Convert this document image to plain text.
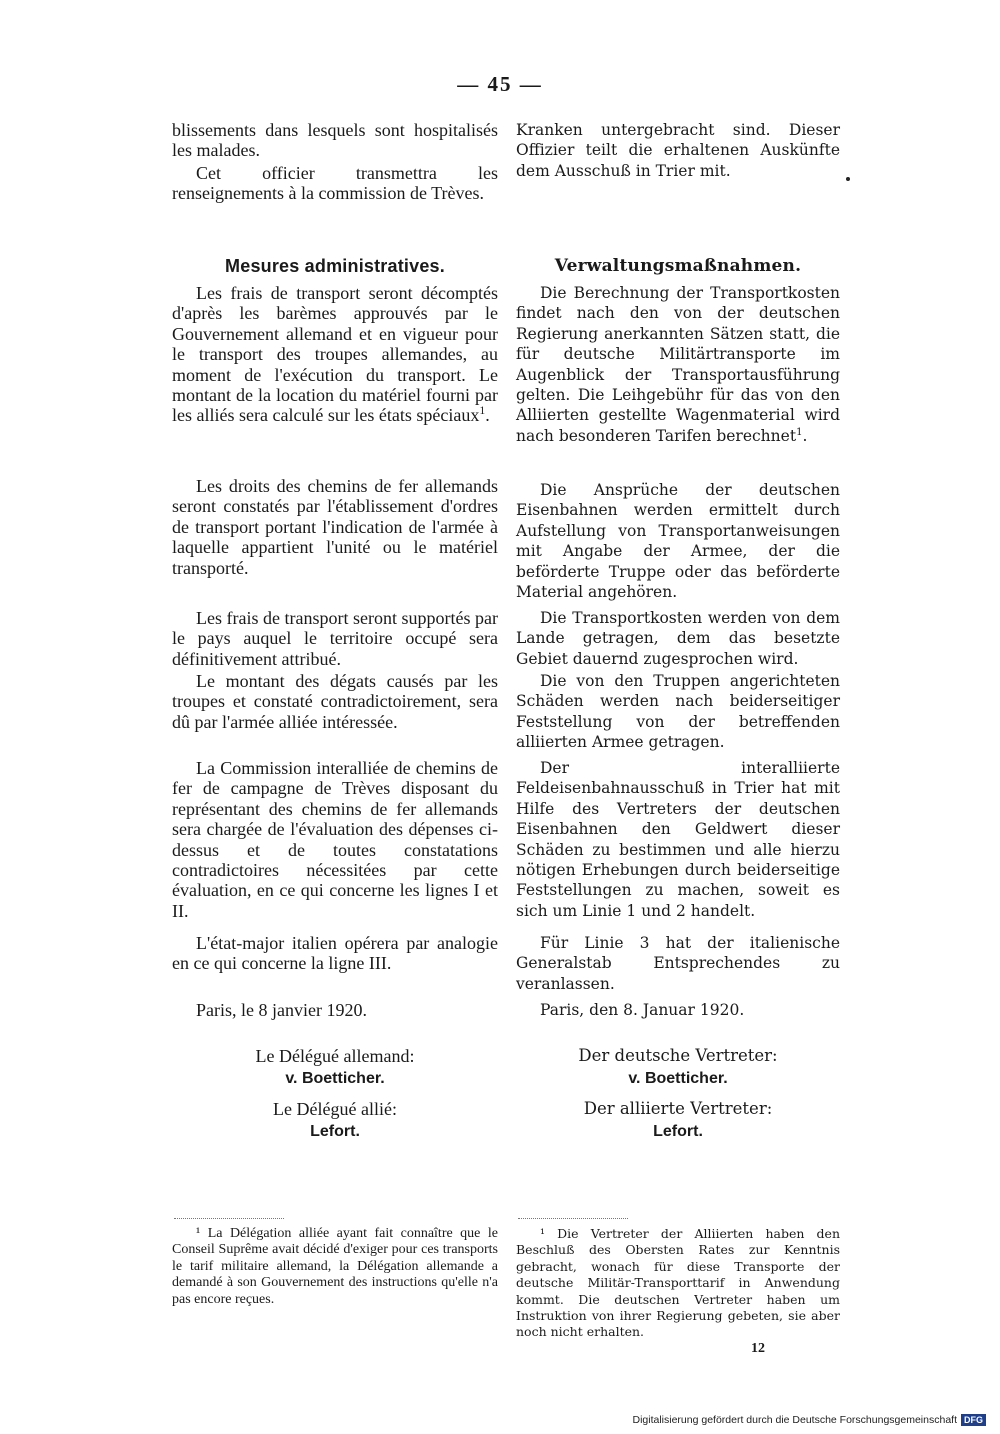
— 45 —

blissements dans lesquels sont hospitalisés les malades.

Cet officier transmettra les renseignements à la commission de Trèves.

Mesures administratives.

Les frais de transport seront décomptés d'après les barèmes approuvés par le Gouvernement allemand et en vigueur pour le transport des troupes allemandes, au moment de l'exécution du transport. Le montant de la location du matériel fourni par les alliés sera calculé sur les états spéciaux$^1$.

Les droits des chemins de fer allemands seront constatés par l'établissement d'ordres de transport portant l'indication de l'armée à laquelle appartient l'unité ou le matériel transporté.

Les frais de transport seront supportés par le pays auquel le territoire occupé sera définitivement attribué.

Le montant des dégats causés par les troupes et constaté contradictoirement, sera dû par l'armée alliée intéressée.

La Commission interalliée de chemins de fer de campagne de Trèves disposant du représentant des chemins de fer allemands sera chargée de l'évaluation des dépenses ci-dessus et de toutes constatations contradictoires nécessitées par cette évaluation, en ce qui concerne les lignes I et II.

L'état-major italien opérera par analogie en ce qui concerne la ligne III.

Paris, le 8 janvier 1920.

Le Délégué allemand:
v. Boetticher.
Le Délégué allié:
Lefort.

¹ La Délégation alliée ayant fait connaître que le Conseil Suprême avait décidé d'exiger pour ces transports le tarif militaire allemand, la Délégation allemande a demandé à son Gouvernement des instructions qu'elle n'a pas encore reçues.

Kranken untergebracht sind. Dieser Offizier teilt die erhaltenen Auskünfte dem Ausschuß in Trier mit.

Verwaltungsmaßnahmen.

Die Berechnung der Transportkosten findet nach den von der deutschen Regierung anerkannten Sätzen statt, die für deutsche Militärtransporte im Augenblick der Transportausführung gelten. Die Leihgebühr für das von den Alliierten gestellte Wagenmaterial wird nach besonderen Tarifen berechnet$^1$.

Die Ansprüche der deutschen Eisenbahnen werden ermittelt durch Aufstellung von Transportanweisungen mit Angabe der Armee, der die beförderte Truppe oder das beförderte Material angehören.

Die Transportkosten werden von dem Lande getragen, dem das besetzte Gebiet dauernd zugesprochen wird.

Die von den Truppen angerichteten Schäden werden nach beiderseitiger Feststellung von der betreffenden alliierten Armee getragen.

Der interalliierte Feldeisenbahnausschuß in Trier hat mit Hilfe des Vertreters der deutschen Eisenbahnen den Geldwert dieser Schäden zu bestimmen und alle hierzu nötigen Erhebungen durch beiderseitige Feststellungen zu machen, soweit es sich um Linie 1 und 2 handelt.

Für Linie 3 hat der italienische Generalstab Entsprechendes zu veranlassen.

Paris, den 8. Januar 1920.

Der deutsche Vertreter:
v. Boetticher.
Der alliierte Vertreter:
Lefort.

¹ Die Vertreter der Alliierten haben den Beschluß des Obersten Rates zur Kenntnis gebracht, wonach für diese Transporte der deutsche Militär-Transporttarif in Anwendung kommt. Die deutschen Vertreter haben um Instruktion von ihrer Regierung gebeten, sie aber noch nicht erhalten.

12
Digitalisierung gefördert durch die Deutsche Forschungsgemeinschaft DFG
